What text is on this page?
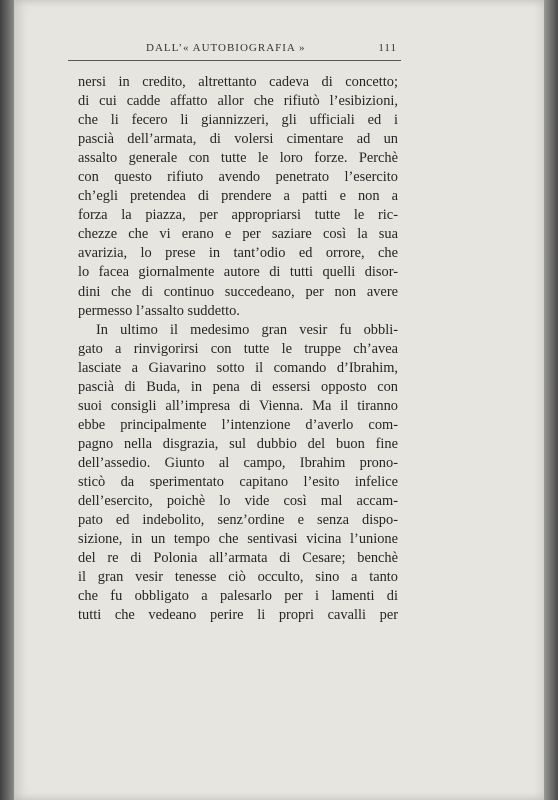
DALL’« AUTOBIOGRAFIA »	111
nersi in credito, altrettanto cadeva di concetto;
di cui cadde affatto allor che rifiutò l’esibizioni,
che li fecero li giannizzeri, gli ufficiali ed i
pascià dell’armata, di volersi cimentare ad un
assalto generale con tutte le loro forze. Perchè
con questo rifiuto avendo penetrato l’esercito
ch’egli pretendea di prendere a patti e non a
forza la piazza, per appropriarsi tutte le ric-
chezze che vi erano e per saziare così la sua
avarizia, lo prese in tant’odio ed orrore, che
lo facea giornalmente autore di tutti quelli disor-
dini che di continuo succedeano, per non avere
permesso l’assalto suddetto.
In ultimo il medesimo gran vesir fu obbli-
gato a rinvigorirsi con tutte le truppe ch’avea
lasciate a Giavarino sotto il comando d’Ibrahim,
pascià di Buda, in pena di essersi opposto con
suoi consigli all’impresa di Vienna. Ma il tiranno
ebbe principalmente l’intenzione d’averlo com-
pagno nella disgrazia, sul dubbio del buon fine
dell’assedio. Giunto al campo, Ibrahim prono-
sticò da sperimentato capitano l’esito infelice
dell’esercito, poichè lo vide così mal accam-
pato ed indebolito, senz’ordine e senza dispo-
sizione, in un tempo che sentivasi vicina l’unione
del re di Polonia all’armata di Cesare; benchè
il gran vesir tenesse ciò occulto, sino a tanto
che fu obbligato a palesarlo per i lamenti di
tutti che vedeano perire li propri cavalli per
